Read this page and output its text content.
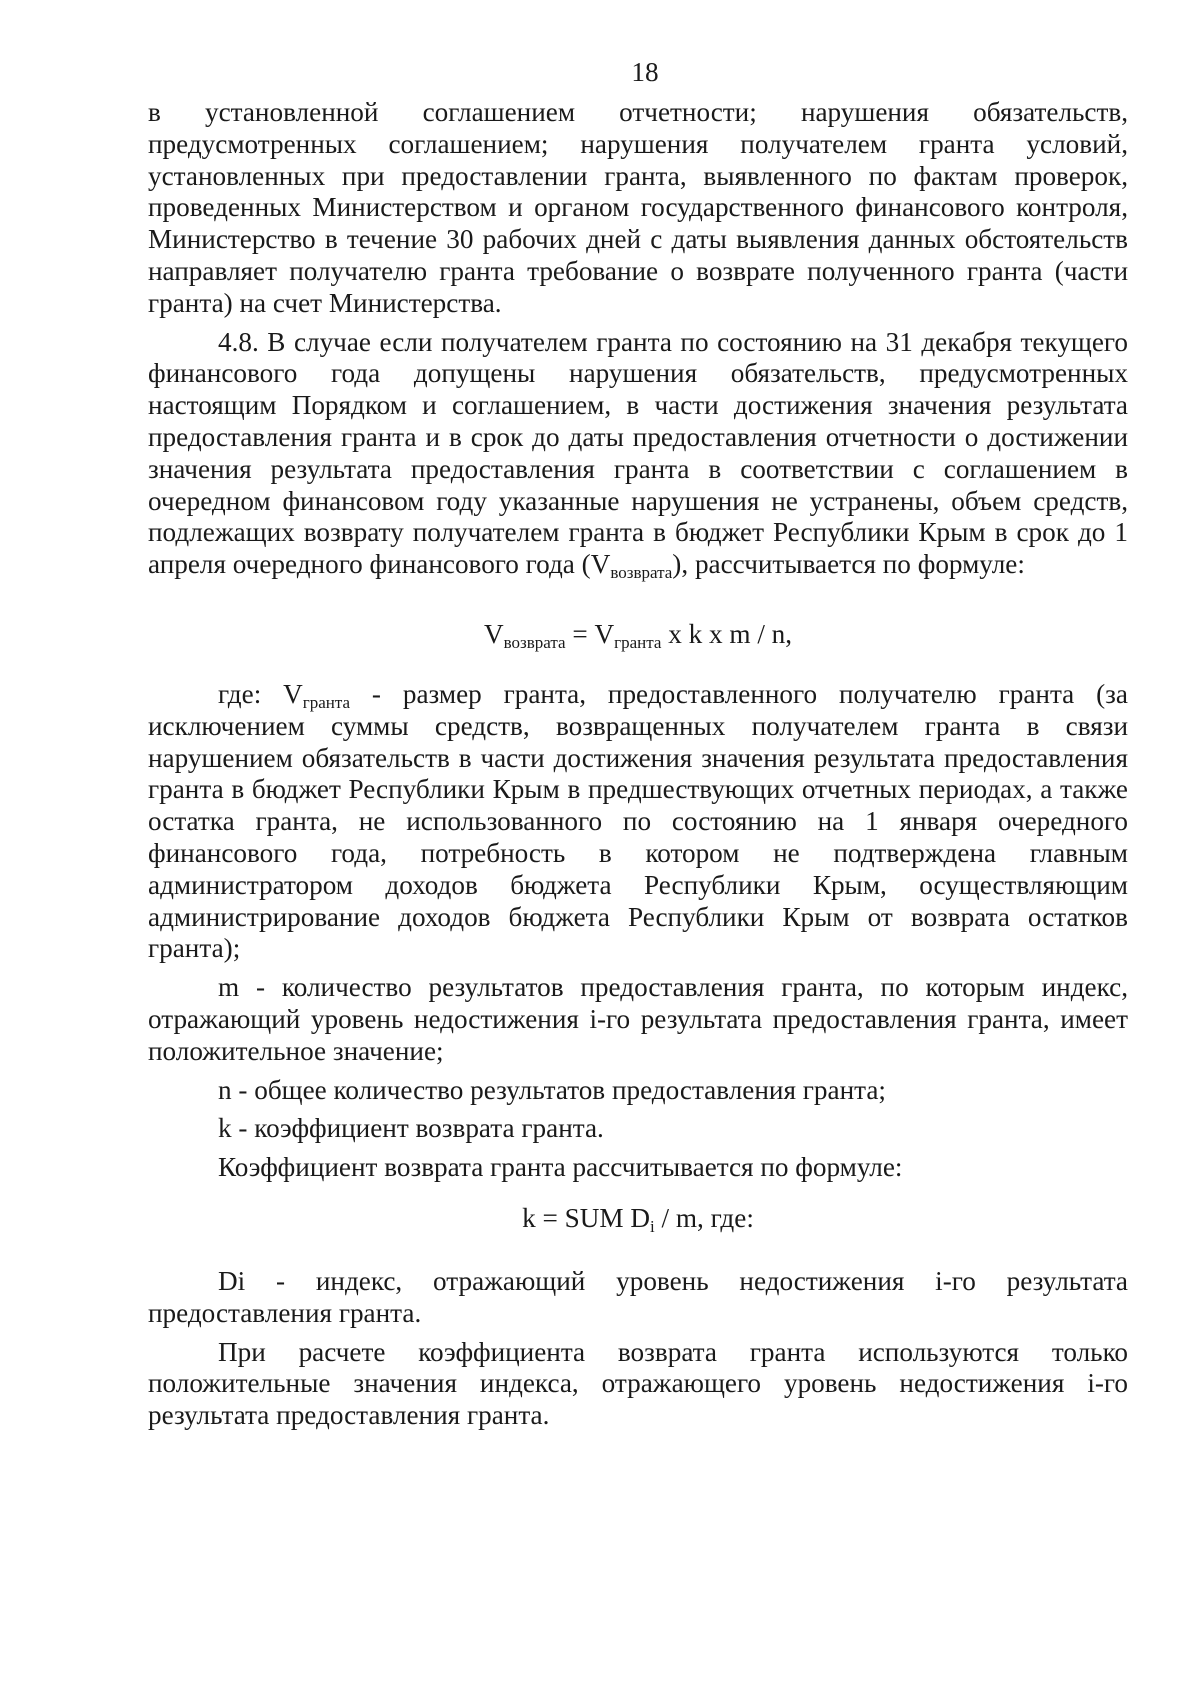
18

в установленной соглашением отчетности; нарушения обязательств, предусмотренных соглашением; нарушения получателем гранта условий, установленных при предоставлении гранта, выявленного по фактам проверок, проведенных Министерством и органом государственного финансового контроля, Министерство в течение 30 рабочих дней с даты выявления данных обстоятельств направляет получателю гранта требование о возврате полученного гранта (части гранта) на счет Министерства.

4.8. В случае если получателем гранта по состоянию на 31 декабря текущего финансового года допущены нарушения обязательств, предусмотренных настоящим Порядком и соглашением, в части достижения значения результата предоставления гранта и в срок до даты предоставления отчетности о достижении значения результата предоставления гранта в соответствии с соглашением в очередном финансовом году указанные нарушения не устранены, объем средств, подлежащих возврату получателем гранта в бюджет Республики Крым в срок до 1 апреля очередного финансового года $(V_{возврата})$, рассчитывается по формуле:

$V_{возврата} = V_{гранта}$ x k x m / n,

где: $V_{гранта}$ - размер гранта, предоставленного получателю гранта (за исключением суммы средств, возвращенных получателем гранта в связи нарушением обязательств в части достижения значения результата предоставления гранта в бюджет Республики Крым в предшествующих отчетных периодах, а также остатка гранта, не использованного по состоянию на 1 января очередного финансового года, потребность в котором не подтверждена главным администратором доходов бюджета Республики Крым, осуществляющим администрирование доходов бюджета Республики Крым от возврата остатков гранта);

m - количество результатов предоставления гранта, по которым индекс, отражающий уровень недостижения i-го результата предоставления гранта, имеет положительное значение;

n - общее количество результатов предоставления гранта;

k - коэффициент возврата гранта.

Коэффициент возврата гранта рассчитывается по формуле:

k = SUM $D_i$ / m, где:

Di - индекс, отражающий уровень недостижения i-го результата предоставления гранта.

При расчете коэффициента возврата гранта используются только положительные значения индекса, отражающего уровень недостижения i-го результата предоставления гранта.
